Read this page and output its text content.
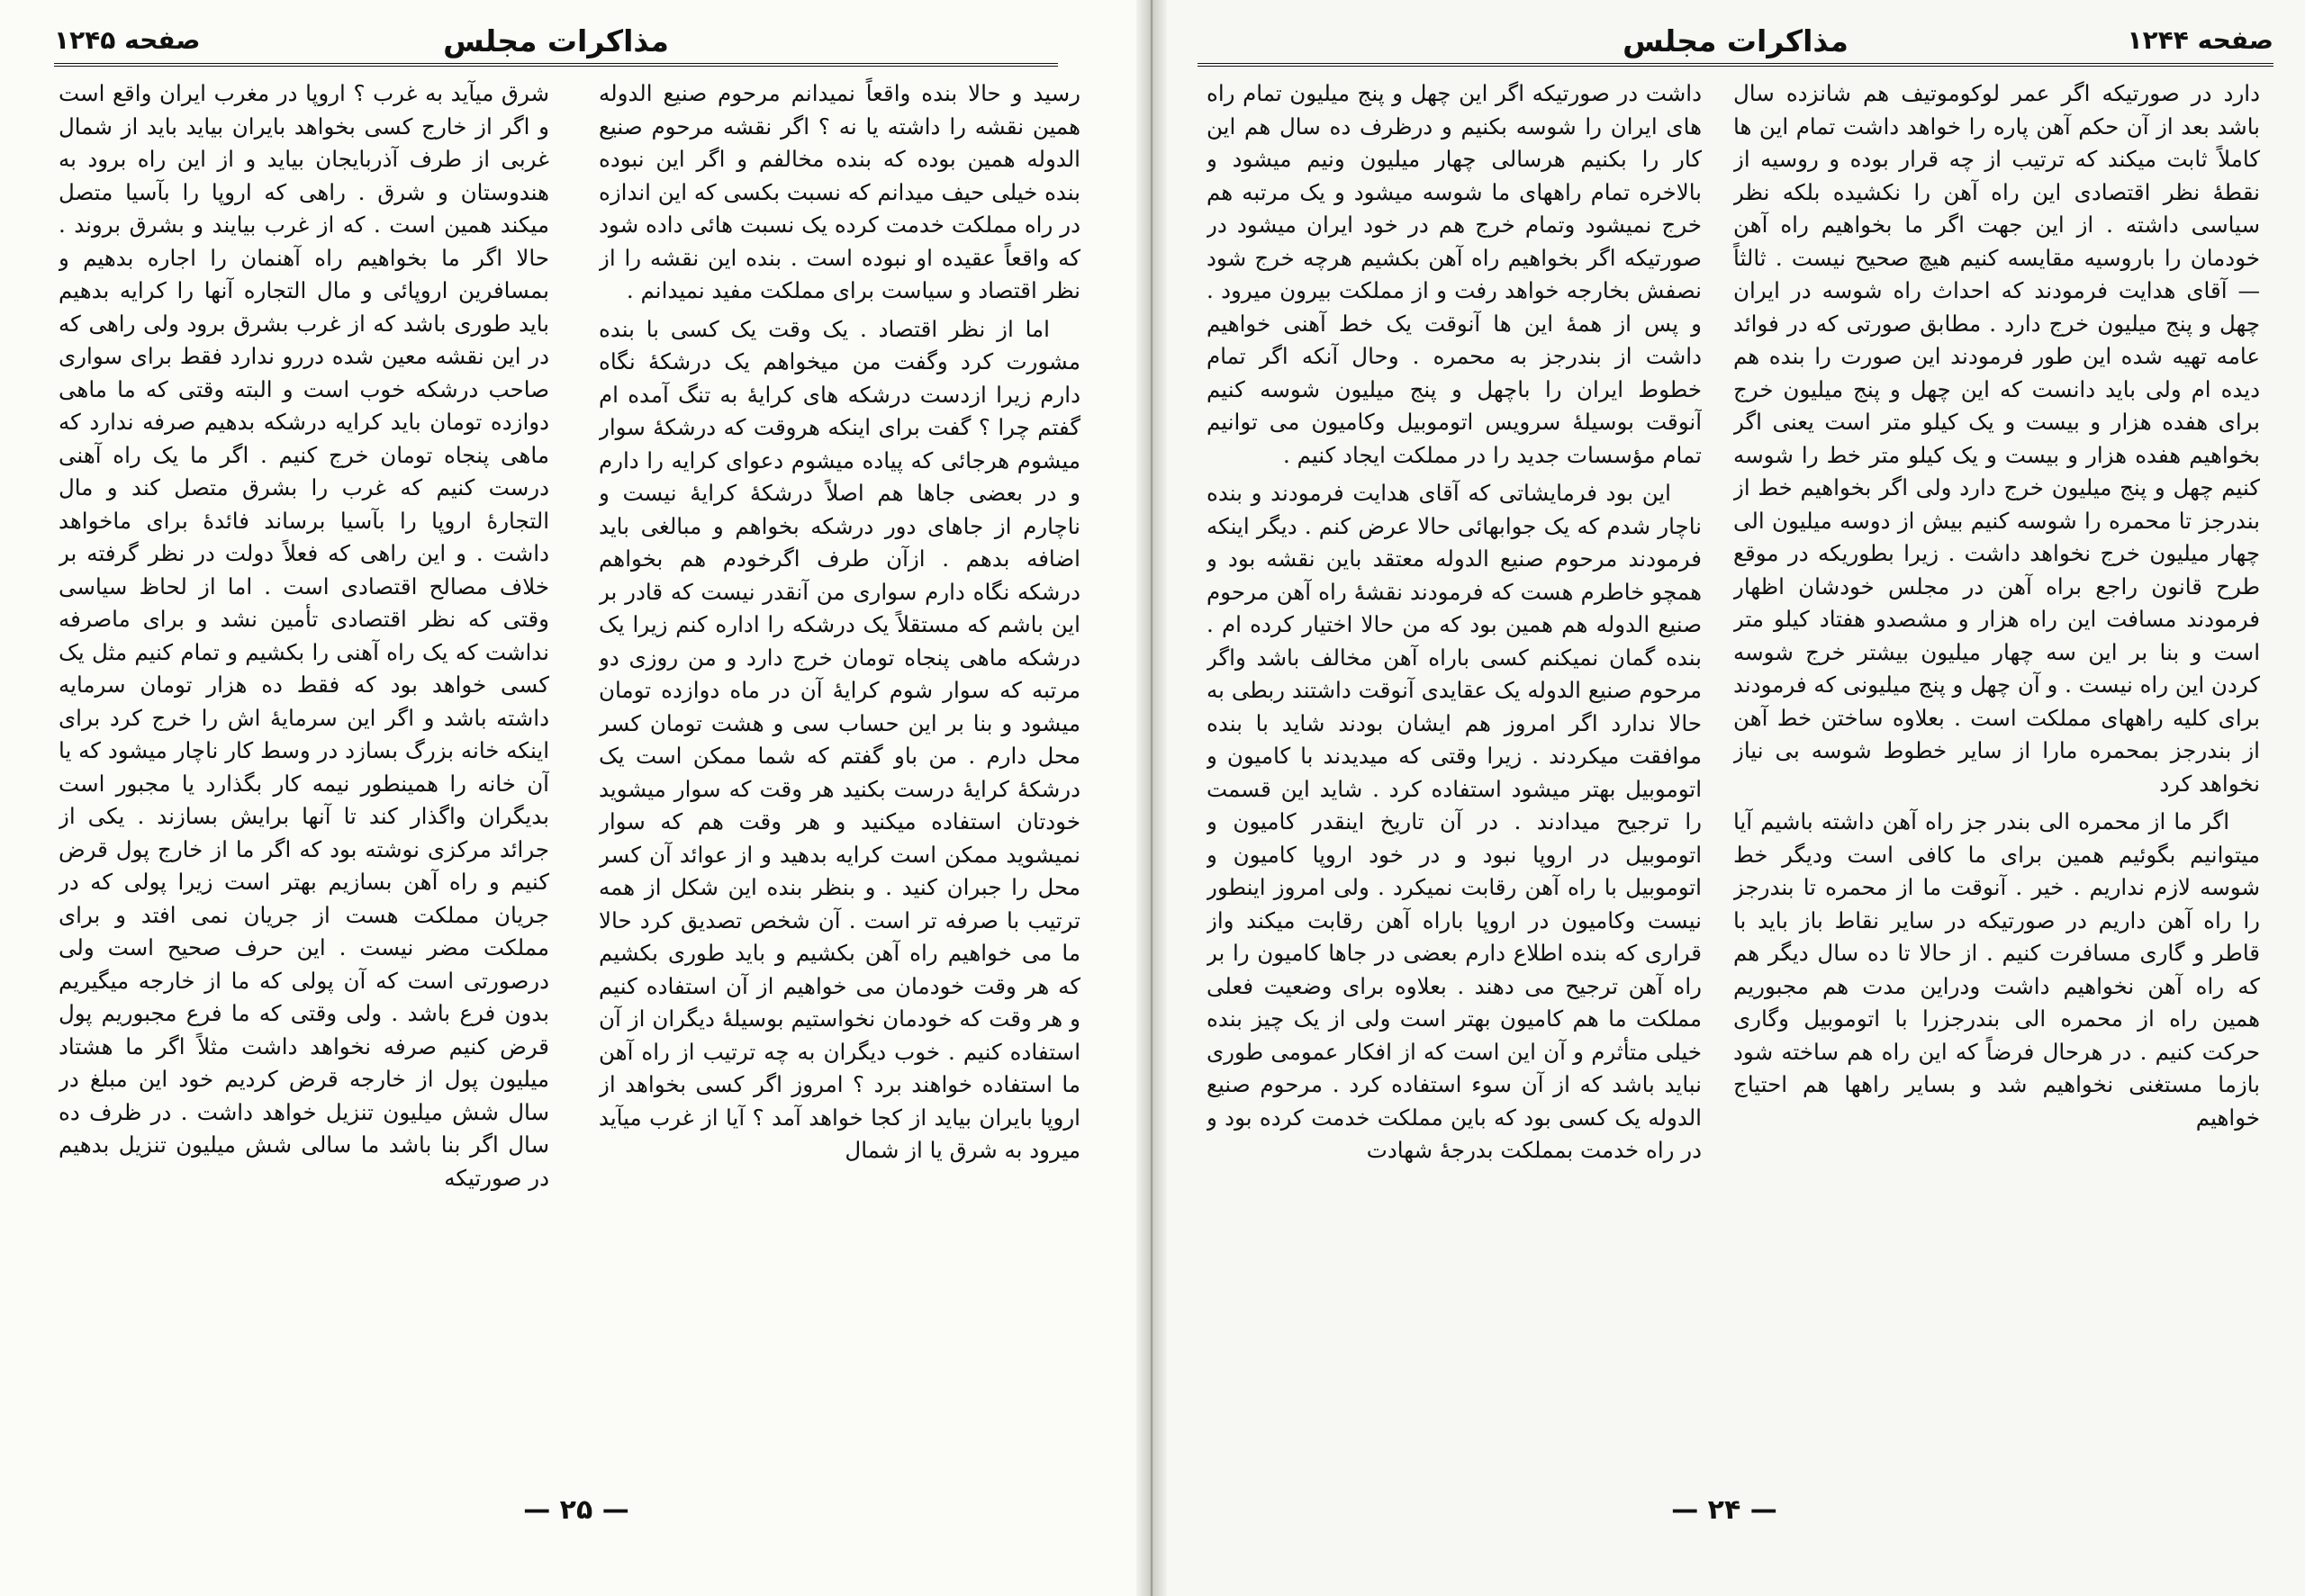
صفحه ۱۲۴۵	مذاکرات مجلس

رسید و حالا بنده واقعاً نمیدانم مرحوم صنیع الدوله همین نقشه را داشته یا نه ؟ اگر نقشه مرحوم صنیع الدوله همین بوده که بنده مخالفم و اگر این نبوده بنده خیلی حیف میدانم که نسبت بکسی که این اندازه در راه مملکت خدمت کرده یک نسبت هائی داده شود که واقعاً عقیده او نبوده است . بنده این نقشه را از نظر اقتصاد و سیاست برای مملکت مفید نمیدانم .

اما از نظر اقتصاد . یک وقت یک کسی با بنده مشورت کرد وگفت من میخواهم یک درشکهٔ نگاه دارم زیرا ازدست درشکه های کرایهٔ به تنگ آمده ام گفتم چرا ؟ گفت برای اینکه هروقت که درشکهٔ سوار میشوم هرجائی که پیاده میشوم دعوای کرایه را دارم و در بعضی جاها هم اصلاً درشکهٔ کرایهٔ نیست و ناچارم از جاهای دور درشکه بخواهم و مبالغی باید اضافه بدهم . ازآن طرف اگرخودم هم بخواهم درشکه نگاه دارم سواری من آنقدر نیست که قادر بر این باشم که مستقلاً یک درشکه را اداره کنم زیرا یک درشکه ماهی پنجاه تومان خرج دارد و من روزی دو مرتبه که سوار شوم کرایهٔ آن در ماه دوازده تومان میشود و بنا بر این حساب سی و هشت تومان کسر محل دارم . من باو گفتم که شما ممکن است یک درشکهٔ کرایهٔ درست بکنید هر وقت که سوار میشوید خودتان استفاده میکنید و هر وقت هم که سوار نمیشوید ممکن است کرایه بدهید و از عوائد آن کسر محل را جبران کنید . و بنظر بنده این شکل از همه ترتیب با صرفه تر است . آن شخص تصدیق کرد حالا ما می خواهیم راه آهن بکشیم و باید طوری بکشیم که هر وقت خودمان می خواهیم از آن استفاده کنیم و هر وقت که خودمان نخواستیم بوسیلهٔ دیگران از آن استفاده کنیم . خوب دیگران به چه ترتیب از راه آهن ما استفاده خواهند برد ؟ امروز اگر کسی بخواهد از اروپا بایران بیاید از کجا خواهد آمد ؟ آیا از غرب میآید میرود به شرق یا از شمال

شرق میآید به غرب ؟ اروپا در مغرب ایران واقع است و اگر از خارج کسی بخواهد بایران بیاید باید از شمال غربی از طرف آذربایجان بیاید و از این راه برود به هندوستان و شرق . راهی که اروپا را بآسیا متصل میکند همین است . که از غرب بیایند و بشرق بروند . حالا اگر ما بخواهیم راه آهنمان را اجاره بدهیم و بمسافرین اروپائی و مال التجاره آنها را کرایه بدهیم باید طوری باشد که از غرب بشرق برود ولی راهی که در این نقشه معین شده دررو ندارد فقط برای سواری صاحب درشکه خوب است و البته وقتی که ما ماهی دوازده تومان باید کرایه درشکه بدهیم صرفه ندارد که ماهی پنجاه تومان خرج کنیم . اگر ما یک راه آهنی درست کنیم که غرب را بشرق متصل کند و مال التجارهٔ اروپا را بآسیا برساند فائدهٔ برای ماخواهد داشت . و این راهی که فعلاً دولت در نظر گرفته بر خلاف مصالح اقتصادی است . اما از لحاظ سیاسی وقتی که نظر اقتصادی تأمین نشد و برای ماصرفه نداشت که یک راه آهنی را بکشیم و تمام کنیم مثل یک کسی خواهد بود که فقط ده هزار تومان سرمایه داشته باشد و اگر این سرمایهٔ اش را خرج کرد برای اینکه خانه بزرگ بسازد در وسط کار ناچار میشود که یا آن خانه را همینطور نیمه کار بگذارد یا مجبور است بدیگران واگذار کند تا آنها برایش بسازند . یکی از جرائد مرکزی نوشته بود که اگر ما از خارج پول قرض کنیم و راه آهن بسازیم بهتر است زیرا پولی که در جریان مملکت هست از جریان نمی افتد و برای مملکت مضر نیست . این حرف صحیح است ولی درصورتی است که آن پولی که ما از خارجه میگیریم بدون فرع باشد . ولی وقتی که ما فرع مجبوریم پول قرض کنیم صرفه نخواهد داشت مثلاً اگر ما هشتاد میلیون پول از خارجه قرض کردیم خود این مبلغ در سال شش میلیون تنزیل خواهد داشت . در ظرف ده سال اگر بنا باشد ما سالی شش میلیون تنزیل بدهیم در صورتیکه

— ۲۵ —
صفحه ۱۲۴۴
مذاکرات مجلس

دارد در صورتیکه اگر عمر لوکوموتیف هم شانزده سال باشد بعد از آن حکم آهن پاره را خواهد داشت تمام این ها کاملاً ثابت میکند که ترتیب از چه قرار بوده و روسیه از نقطهٔ نظر اقتصادی این راه آهن را نکشیده بلکه نظر سیاسی داشته . از این جهت اگر ما بخواهیم راه آهن خودمان را باروسیه مقایسه کنیم هیچ صحیح نیست . ثالثاً — آقای هدایت فرمودند که احداث راه شوسه در ایران چهل و پنج میلیون خرج دارد . مطابق صورتی که در فوائد عامه تهیه شده این طور فرمودند این صورت را بنده هم دیده ام ولی باید دانست که این چهل و پنج میلیون خرج برای هفده هزار و بیست و یک کیلو متر است یعنی اگر بخواهیم هفده هزار و بیست و یک کیلو متر خط را شوسه کنیم چهل و پنج میلیون خرج دارد ولی اگر بخواهیم خط از بندرجز تا محمره را شوسه کنیم بیش از دوسه میلیون الی چهار میلیون خرج نخواهد داشت . زیرا بطوریکه در موقع طرح قانون راجع براه آهن در مجلس خودشان اظهار فرمودند مسافت این راه هزار و مشصدو هفتاد کیلو متر است و بنا بر این سه چهار میلیون بیشتر خرج شوسه کردن این راه نیست . و آن چهل و پنج میلیونی که فرمودند برای کلیه راههای مملکت است . بعلاوه ساختن خط آهن از بندرجز بمحمره مارا از سایر خطوط شوسه بی نیاز نخواهد کرد

اگر ما از محمره الی بندر جز راه آهن داشته باشیم آیا میتوانیم بگوئیم همین برای ما کافی است ودیگر خط شوسه لازم نداریم . خیر . آنوقت ما از محمره تا بندرجز را راه آهن داریم در صورتیکه در سایر نقاط باز باید با قاطر و گاری مسافرت کنیم . از حالا تا ده سال دیگر هم که راه آهن نخواهیم داشت ودراین مدت هم مجبوریم همین راه از محمره الی بندرجزرا با اتوموبیل وگاری حرکت کنیم . در هرحال فرضاً که این راه هم ساخته شود بازما مستغنی نخواهیم شد و بسایر راهها هم احتیاج خواهیم

داشت در صورتیکه اگر این چهل و پنج میلیون تمام راه های ایران را شوسه بکنیم و درظرف ده سال هم این کار را بکنیم هرسالی چهار میلیون ونیم میشود و بالاخره تمام راههای ما شوسه میشود و یک مرتبه هم خرج نمیشود وتمام خرج هم در خود ایران میشود در صورتیکه اگر بخواهیم راه آهن بکشیم هرچه خرج شود نصفش بخارجه خواهد رفت و از مملکت بیرون میرود . و پس از همهٔ این ها آنوقت یک خط آهنی خواهیم داشت از بندرجز به محمره . وحال آنکه اگر تمام خطوط ایران را باچهل و پنج میلیون شوسه کنیم آنوقت بوسیلهٔ سرویس اتوموبیل وکامیون می توانیم تمام مؤسسات جدید را در مملکت ایجاد کنیم .

این بود فرمایشاتی که آقای هدایت فرمودند و بنده ناچار شدم که یک جوابهائی حالا عرض کنم . دیگر اینکه فرمودند مرحوم صنیع الدوله معتقد باین نقشه بود و همچو خاطرم هست که فرمودند نقشهٔ راه آهن مرحوم صنیع الدوله هم همین بود که من حالا اختیار کرده ام . بنده گمان نمیکنم کسی باراه آهن مخالف باشد واگر مرحوم صنیع الدوله یک عقایدی آنوقت داشتند ربطی به حالا ندارد اگر امروز هم ایشان بودند شاید با بنده موافقت میکردند . زیرا وقتی که میدیدند با کامیون و اتوموبیل بهتر میشود استفاده کرد . شاید این قسمت را ترجیح میدادند . در آن تاریخ اینقدر کامیون و اتوموبیل در اروپا نبود و در خود اروپا کامیون و اتوموبیل با راه آهن رقابت نمیکرد . ولی امروز اینطور نیست وکامیون در اروپا باراه آهن رقابت میکند واز قراری که بنده اطلاع دارم بعضی در جاها کامیون را بر راه آهن ترجیح می دهند . بعلاوه برای وضعیت فعلی مملکت ما هم کامیون بهتر است ولی از یک چیز بنده خیلی متأثرم و آن این است که از افکار عمومی طوری نباید باشد که از آن سوء استفاده کرد . مرحوم صنیع الدوله یک کسی بود که باین مملکت خدمت کرده بود و در راه خدمت بمملکت بدرجهٔ شهادت

— ۲۴ —
